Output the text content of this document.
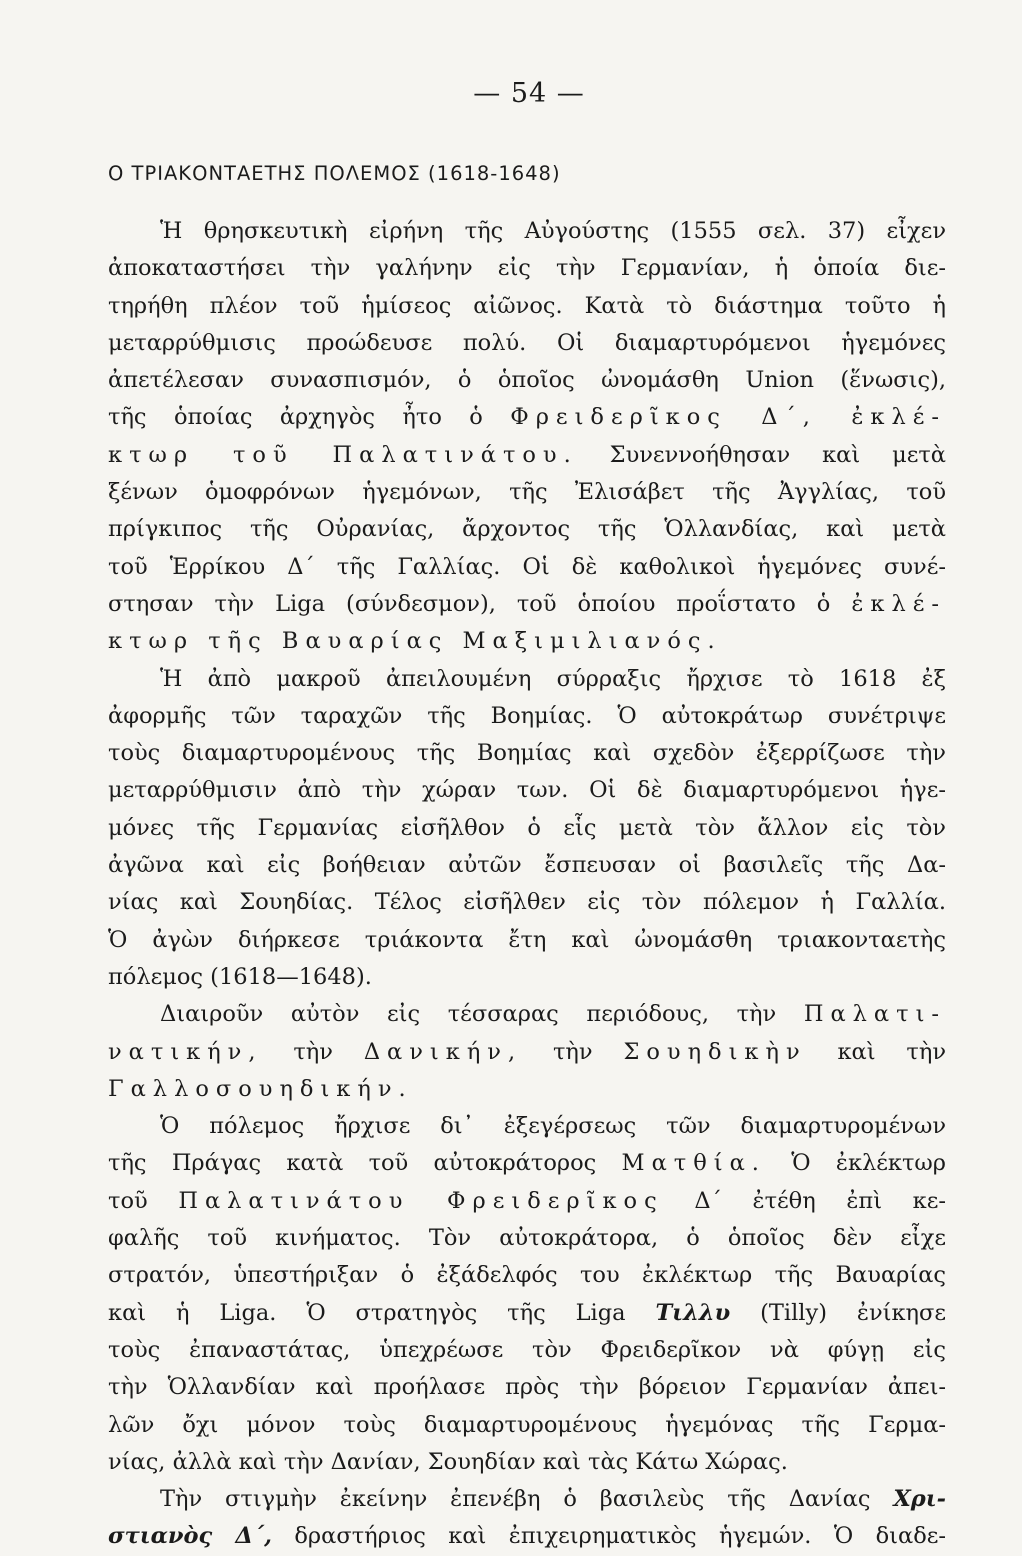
— 54 —
Ο ΤΡΙΑΚΟΝΤΑΕΤΗΣ ΠΟΛΕΜΟΣ (1618-1648)
Ἡ θρησκευτικὴ εἰρήνη τῆς Αὐγούστης (1555 σελ. 37) εἶχεν
ἀποκαταστήσει τὴν γαλήνην εἰς τὴν Γερμανίαν, ἡ ὁποία διε-
τηρήθη πλέον τοῦ ἡμίσεος αἰῶνος. Κατὰ τὸ διάστημα τοῦτο ἡ
μεταρρύθμισις προώδευσε πολύ. Οἱ διαμαρτυρόμενοι ἡγεμόνες
ἀπετέλεσαν συνασπισμόν, ὁ ὁποῖος ὠνομάσθη Union (ἕνωσις),
τῆς ὁποίας ἀρχηγὸς ἦτο ὁ Φρειδερῖκος Δ΄, ἐκλέ-
κτωρ τοῦ Παλατινάτου. Συνεννοήθησαν καὶ μετὰ
ξένων ὁμοφρόνων ἡγεμόνων, τῆς Ἐλισάβετ τῆς Ἀγγλίας, τοῦ
πρίγκιπος τῆς Οὐρανίας, ἄρχοντος τῆς Ὁλλανδίας, καὶ μετὰ
τοῦ Ἑρρίκου Δ΄ τῆς Γαλλίας. Οἱ δὲ καθολικοὶ ἡγεμόνες συνέ-
στησαν τὴν Liga (σύνδεσμον), τοῦ ὁποίου προΐστατο ὁ ἐκλέ-
κτωρ τῆς Βαυαρίας Μαξιμιλιανός.
Ἡ ἀπὸ μακροῦ ἀπειλουμένη σύρραξις ἤρχισε τὸ 1618 ἐξ
ἀφορμῆς τῶν ταραχῶν τῆς Βοημίας. Ὁ αὐτοκράτωρ συνέτριψε
τοὺς διαμαρτυρομένους τῆς Βοημίας καὶ σχεδὸν ἐξερρίζωσε τὴν
μεταρρύθμισιν ἀπὸ τὴν χώραν των. Οἱ δὲ διαμαρτυρόμενοι ἡγε-
μόνες τῆς Γερμανίας εἰσῆλθον ὁ εἷς μετὰ τὸν ἄλλον εἰς τὸν
ἀγῶνα καὶ εἰς βοήθειαν αὐτῶν ἔσπευσαν οἱ βασιλεῖς τῆς Δα-
νίας καὶ Σουηδίας. Τέλος εἰσῆλθεν εἰς τὸν πόλεμον ἡ Γαλλία.
Ὁ ἀγὼν διήρκεσε τριάκοντα ἔτη καὶ ὠνομάσθη τριακονταετὴς
πόλεμος (1618—1648).
Διαιροῦν αὐτὸν εἰς τέσσαρας περιόδους, τὴν Παλατι-
νατικήν, τὴν Δανικήν, τὴν Σουηδικὴν καὶ τὴν
Γαλλοσουηδικήν.
Ὁ πόλεμος ἤρχισε δι᾿ ἐξεγέρσεως τῶν διαμαρτυρομένων
τῆς Πράγας κατὰ τοῦ αὐτοκράτορος Ματθία. Ὁ ἐκλέκτωρ
τοῦ Παλατινάτου Φρειδερῖκος Δ΄ ἐτέθη ἐπὶ κε-
φαλῆς τοῦ κινήματος. Τὸν αὐτοκράτορα, ὁ ὁποῖος δὲν εἶχε
στρατόν, ὑπεστήριξαν ὁ ἐξάδελφός του ἐκλέκτωρ τῆς Βαυαρίας
καὶ ἡ Liga. Ὁ στρατηγὸς τῆς Liga Τιλλυ (Tilly) ἐνίκησε
τοὺς ἐπαναστάτας, ὑπεχρέωσε τὸν Φρειδερῖκον νὰ φύγῃ εἰς
τὴν Ὁλλανδίαν καὶ προήλασε πρὸς τὴν βόρειον Γερμανίαν ἀπει-
λῶν ὄχι μόνον τοὺς διαμαρτυρομένους ἡγεμόνας τῆς Γερμα-
νίας, ἀλλὰ καὶ τὴν Δανίαν, Σουηδίαν καὶ τὰς Κάτω Χώρας.
Τὴν στιγμὴν ἐκείνην ἐπενέβη ὁ βασιλεὺς τῆς Δανίας Χρι-
στιανὸς Δ΄, δραστήριος καὶ ἐπιχειρηματικὸς ἡγεμών. Ὁ διαδε-
